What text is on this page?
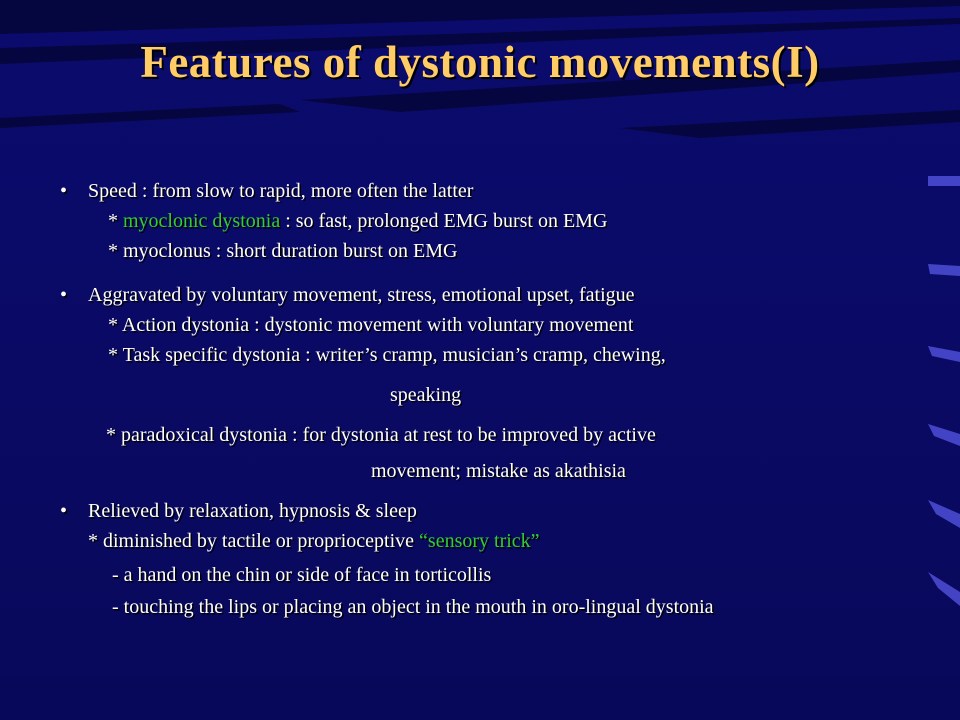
Features of dystonic movements(I)
• Speed : from slow to rapid, more often the latter
* myoclonic dystonia : so fast, prolonged EMG burst on EMG
* myoclonus : short duration burst on EMG
• Aggravated by voluntary movement, stress, emotional upset, fatigue
* Action dystonia : dystonic movement with voluntary movement
* Task specific dystonia : writer’s cramp, musician’s cramp, chewing,
speaking
* paradoxical dystonia : for dystonia at rest to be improved by active
movement; mistake as akathisia
• Relieved by relaxation, hypnosis & sleep
* diminished by tactile or proprioceptive “sensory trick”
- a hand on the chin or side of face in torticollis
- touching the lips or placing an object in the mouth in oro-lingual dystonia
